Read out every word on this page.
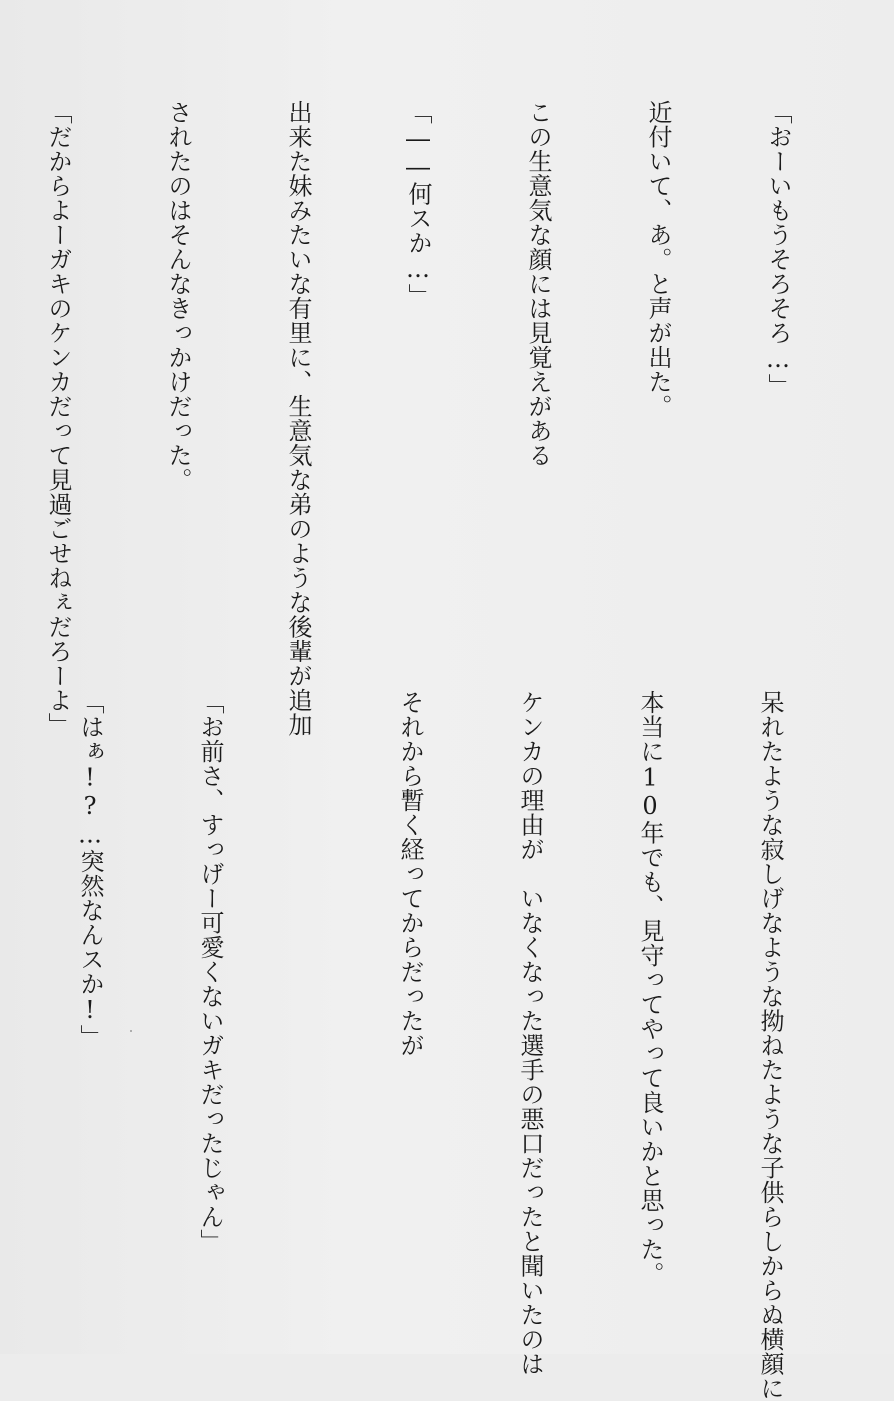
「おーいもうそろそろ…」

近付いて、あ。と声が出た。

この生意気な顔には見覚えがある

「――何スか…」

出来た妹みたいな有里に、生意気な弟のような後輩が追加

されたのはそんなきっかけだった。

「だからよーガキのケンカだって見過ごせねぇだろーよ」

呆れたような寂しげなような拗ねたような子供らしからぬ横顔に

本当に10年でも、見守ってやって良いかと思った。

ケンカの理由が　いなくなった選手の悪口だったと聞いたのは

それから暫く経ってからだったが

「お前さ、すっげー可愛くないガキだったじゃん」

「はぁ!?…突然なんスか!」
